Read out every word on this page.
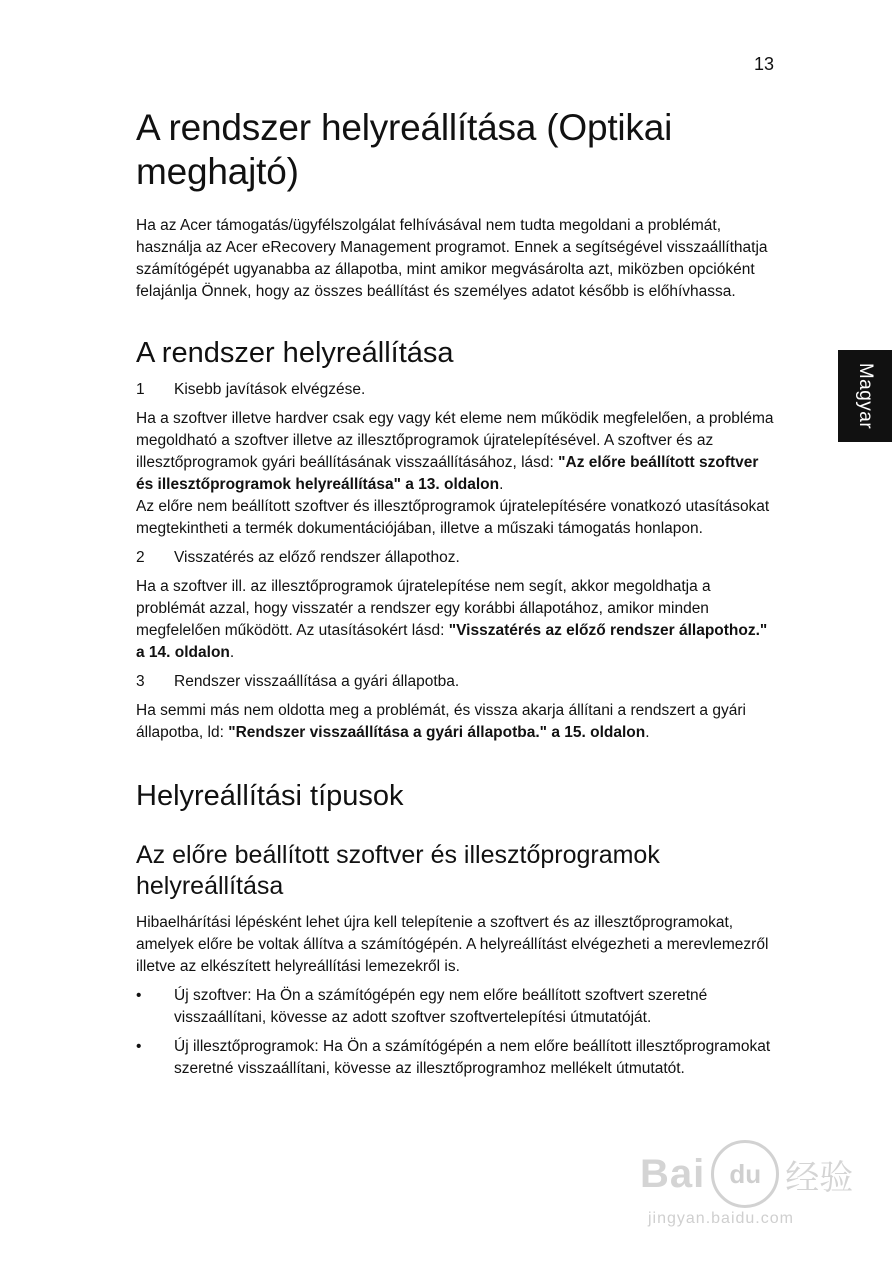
13
Magyar
A rendszer helyreállítása (Optikai meghajtó)

Ha az Acer támogatás/ügyfélszolgálat felhívásával nem tudta megoldani a problémát, használja az Acer eRecovery Management programot. Ennek a segítségével visszaállíthatja számítógépét ugyanabba az állapotba, mint amikor megvásárolta azt, miközben opcióként felajánlja Önnek, hogy az összes beállítást és személyes adatot később is előhívhassa.

A rendszer helyreállítása
1	Kisebb javítások elvégzése.

Ha a szoftver illetve hardver csak egy vagy két eleme nem működik megfelelően, a probléma megoldható a szoftver illetve az illesztőprogramok újratelepítésével. A szoftver és az illesztőprogramok gyári beállításának visszaállításához, lásd: "Az előre beállított szoftver és illesztőprogramok helyreállítása" a 13. oldalon.

Az előre nem beállított szoftver és illesztőprogramok újratelepítésére vonatkozó utasításokat megtekintheti a termék dokumentációjában, illetve a műszaki támogatás honlapon.

2	Visszatérés az előző rendszer állapothoz.

Ha a szoftver ill. az illesztőprogramok újratelepítése nem segít, akkor megoldhatja a problémát azzal, hogy visszatér a rendszer egy korábbi állapotához, amikor minden megfelelően működött. Az utasításokért lásd: "Visszatérés az előző rendszer állapothoz." a 14. oldalon.

3	Rendszer visszaállítása a gyári állapotba.

Ha semmi más nem oldotta meg a problémát, és vissza akarja állítani a rendszert a gyári állapotba, ld: "Rendszer visszaállítása a gyári állapotba." a 15. oldalon.

Helyreállítási típusok
Az előre beállított szoftver és illesztőprogramok helyreállítása

Hibaelhárítási lépésként lehet újra kell telepítenie a szoftvert és az illesztőprogramokat, amelyek előre be voltak állítva a számítógépén. A helyreállítást elvégezheti a merevlemezről illetve az elkészített helyreállítási lemezekről is.

•	Új szoftver: Ha Ön a számítógépén egy nem előre beállított szoftvert szeretné visszaállítani, kövesse az adott szoftver szoftvertelepítési útmutatóját.
•	Új illesztőprogramok: Ha Ön a számítógépén a nem előre beállított illesztőprogramokat szeretné visszaállítani, kövesse az illesztőprogramhoz mellékelt útmutatót.
Bai du 经验
jingyan.baidu.com
